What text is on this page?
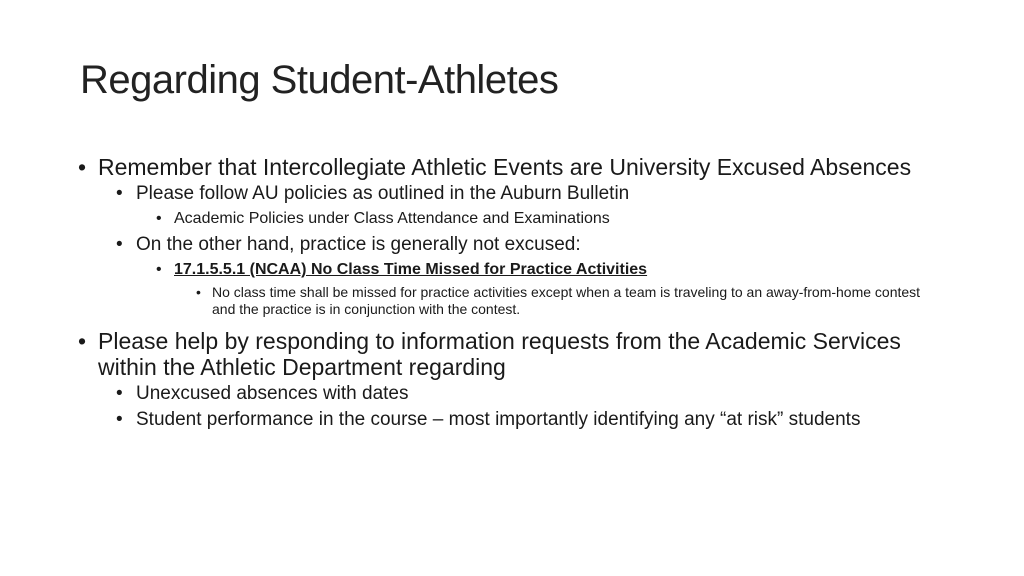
Regarding Student-Athletes

• Remember that Intercollegiate Athletic Events are University Excused Absences

• Please follow AU policies as outlined in the Auburn Bulletin

• Academic Policies under Class Attendance and Examinations

• On the other hand, practice is generally not excused:

• 17.1.5.5.1 (NCAA) No Class Time Missed for Practice Activities

• No class time shall be missed for practice activities except when a team is traveling to an away-from-home contest and the practice is in conjunction with the contest.

• Please help by responding to information requests from the Academic Services within the Athletic Department regarding

• Unexcused absences with dates

• Student performance in the course – most importantly identifying any “at risk” students
